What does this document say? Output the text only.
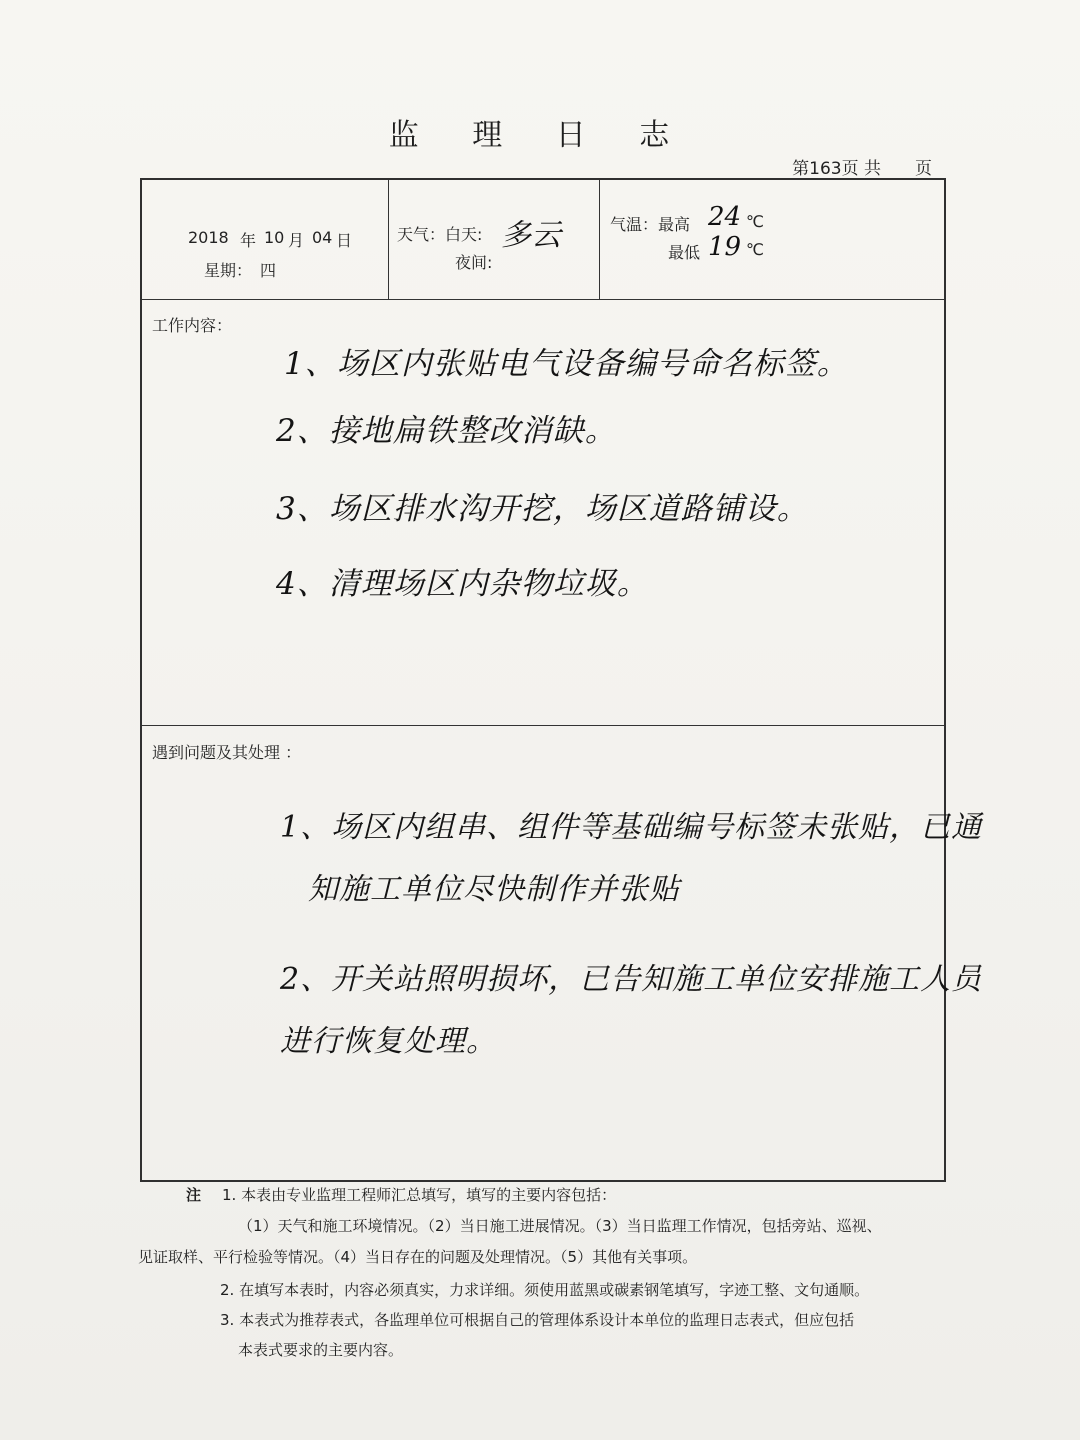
监 理 日 志
第163页 共 页
2018 年 10 月 04 日
星期： 四
天气：白天: 多云
夜间:
气温：最高 24 ℃
最低 19 ℃
工作内容：
1、场区内张贴电气设备编号命名标签。
2、接地扁铁整改消缺。
3、场区排水沟开挖，场区道路铺设。
4、清理场区内杂物垃圾。
遇到问题及其处理 ：
1、场区内组串、组件等基础编号标签未张贴，已通
知施工单位尽快制作并张贴
2、开关站照明损坏，已告知施工单位安排施工人员
进行恢复处理。
注 1. 本表由专业监理工程师汇总填写，填写的主要内容包括：
（1）天气和施工环境情况。（2）当日施工进展情况。（3）当日监理工作情况，包括旁站、巡视、
见证取样、平行检验等情况。（4）当日存在的问题及处理情况。（5）其他有关事项。
2. 在填写本表时，内容必须真实，力求详细。须使用蓝黑或碳素钢笔填写，字迹工整、文句通顺。
3. 本表式为推荐表式，各监理单位可根据自己的管理体系设计本单位的监理日志表式，但应包括
本表式要求的主要内容。
